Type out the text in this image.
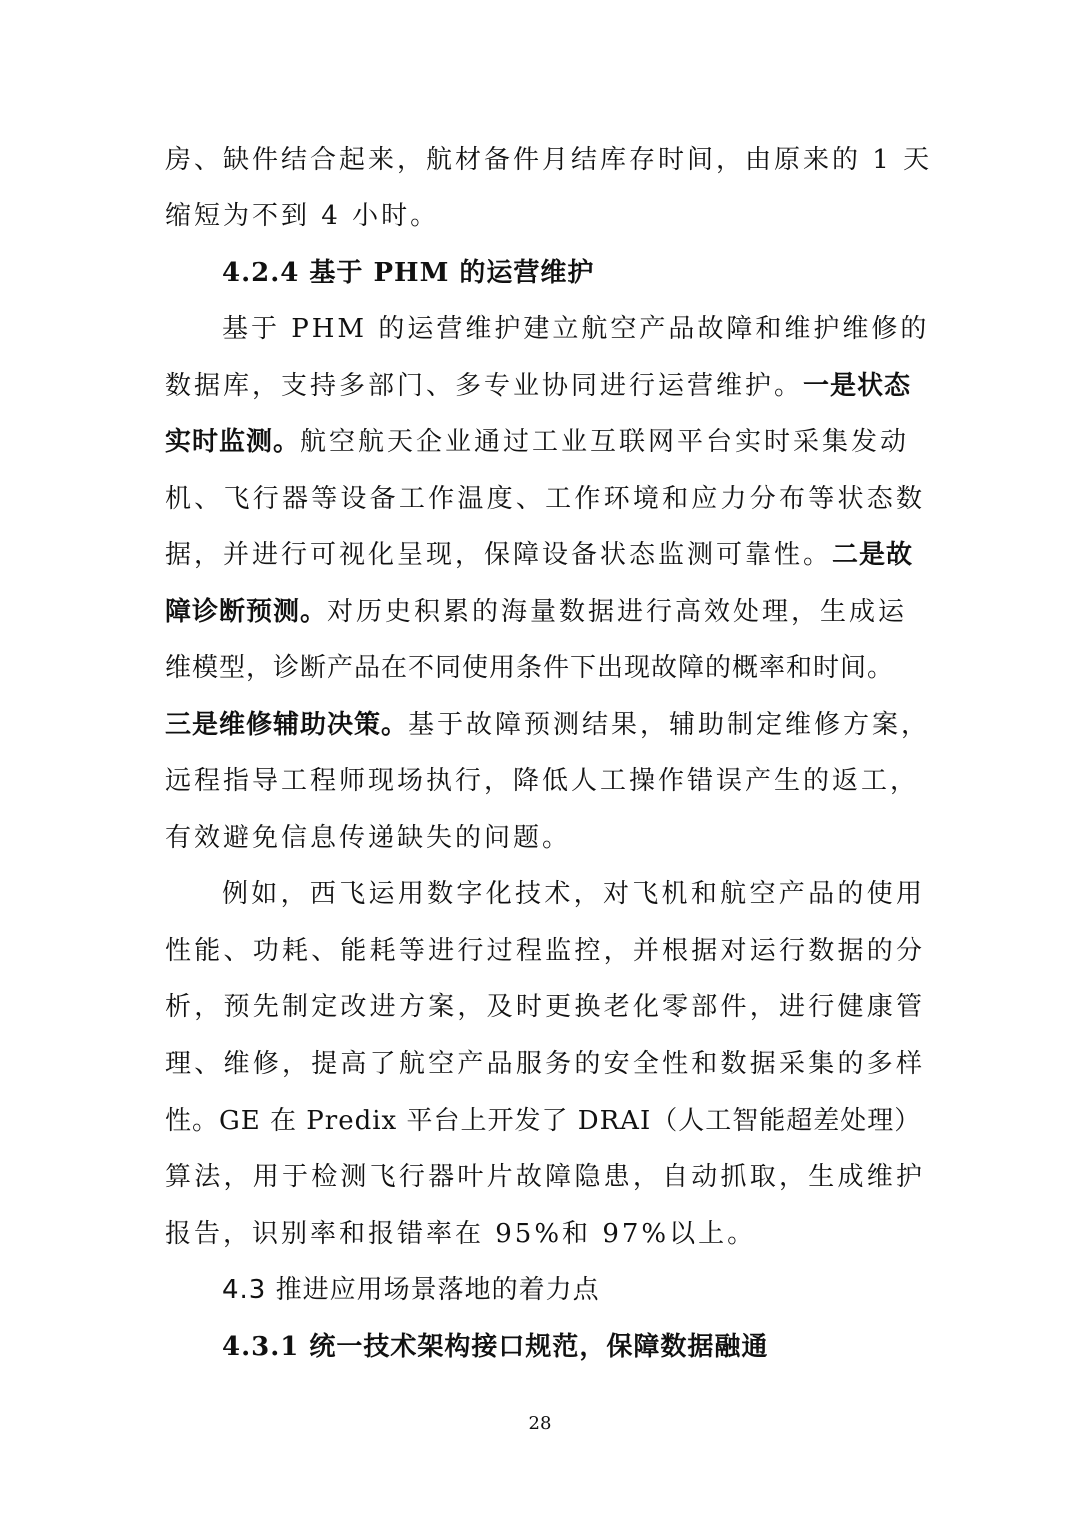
房、缺件结合起来，航材备件月结库存时间，由原来的 1 天
缩短为不到 4 小时。
4.2.4 基于 PHM 的运营维护
基于 PHM 的运营维护建立航空产品故障和维护维修的
数据库，支持多部门、多专业协同进行运营维护。一是状态
实时监测。航空航天企业通过工业互联网平台实时采集发动
机、飞行器等设备工作温度、工作环境和应力分布等状态数
据，并进行可视化呈现，保障设备状态监测可靠性。二是故
障诊断预测。对历史积累的海量数据进行高效处理，生成运
维模型，诊断产品在不同使用条件下出现故障的概率和时间。
三是维修辅助决策。基于故障预测结果，辅助制定维修方案，
远程指导工程师现场执行，降低人工操作错误产生的返工，
有效避免信息传递缺失的问题。
例如，西飞运用数字化技术，对飞机和航空产品的使用
性能、功耗、能耗等进行过程监控，并根据对运行数据的分
析，预先制定改进方案，及时更换老化零部件，进行健康管
理、维修，提高了航空产品服务的安全性和数据采集的多样
性。GE 在 Predix 平台上开发了 DRAI（人工智能超差处理）
算法，用于检测飞行器叶片故障隐患，自动抓取，生成维护
报告，识别率和报错率在 95%和 97%以上。
4.3 推进应用场景落地的着力点
4.3.1 统一技术架构接口规范，保障数据融通
28
